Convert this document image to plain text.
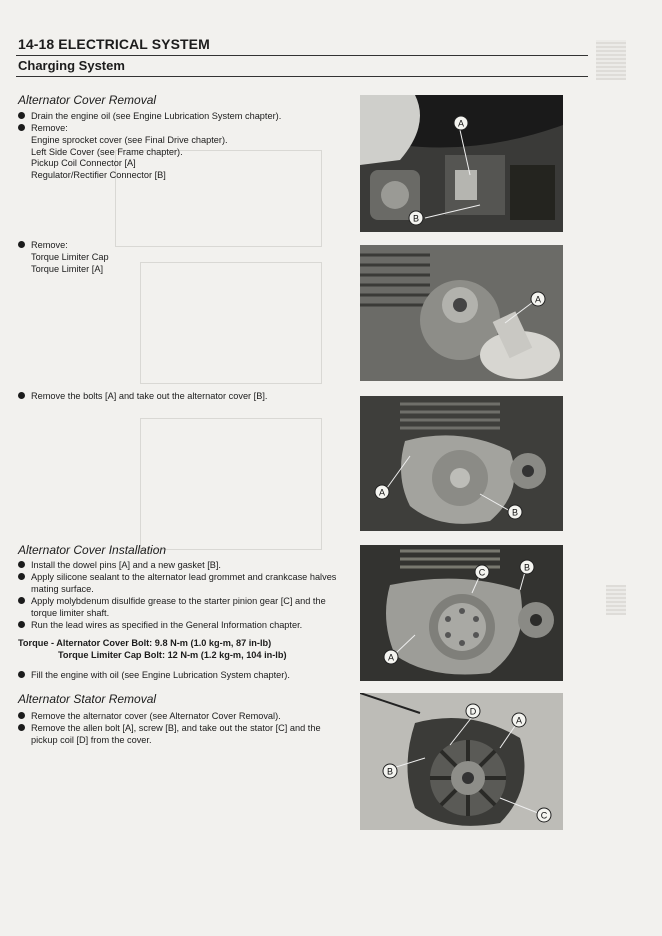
14-18 ELECTRICAL SYSTEM
Charging System
Alternator Cover Removal
Drain the engine oil (see Engine Lubrication System chapter).
Remove:
Engine sprocket cover (see Final Drive chapter).
Left Side Cover (see Frame chapter).
Pickup Coil Connector [A]
Regulator/Rectifier Connector [B]
Remove:
Torque Limiter Cap
Torque Limiter [A]
Remove the bolts [A] and take out the alternator cover [B].
Alternator Cover Installation
Install the dowel pins [A] and a new gasket [B].
Apply silicone sealant to the alternator lead grommet and crankcase halves mating surface.
Apply molybdenum disulfide grease to the starter pinion gear [C] and the torque limiter shaft.
Run the lead wires as specified in the General Information chapter.
Torque - Alternator Cover Bolt: 9.8 N-m (1.0 kg-m, 87 in-lb)
Torque Limiter Cap Bolt: 12 N-m (1.2 kg-m, 104 in-lb)
Fill the engine with oil (see Engine Lubrication System chapter).
Alternator Stator Removal
Remove the alternator cover (see Alternator Cover Removal).
Remove the allen bolt [A], screw [B], and take out the stator [C] and the pickup coil [D] from the cover.
A
B
A
A
B
B
C
A
D
A
B
C
